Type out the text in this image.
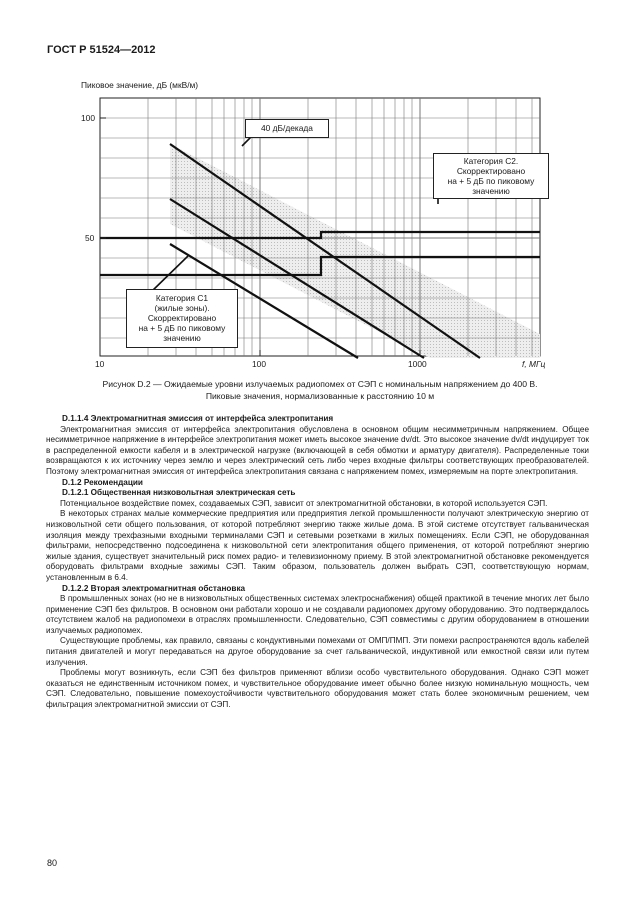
ГОСТ Р 51524—2012
Пиковое значение, дБ (мкВ/м)
100
50
10	100	1000	f, МГц
40 дБ/декада
Категория С2.
Скорректировано
на + 5 дБ по пиковому
значению
Категория С1
(жилые зоны).
Скорректировано
на + 5 дБ по пиковому
значению
Рисунок D.2 — Ожидаемые уровни излучаемых радиопомех от СЭП с номинальным напряжением до 400 В.
Пиковые значения, нормализованные к расстоянию 10 м
D.1.1.4 Электромагнитная эмиссия от интерфейса электропитания

Электромагнитная эмиссия от интерфейса электропитания обусловлена в основном общим несимметричным напряжением. Общее несимметричное напряжение в интерфейсе электропитания может иметь высокое значение dv/dt. Это высокое значение dv/dt индуцирует ток в распределенной емкости кабеля и в электрической нагрузке (включающей в себя обмотки и арматуру двигателя). Распределенные токи возвращаются к их источнику через землю и через электрический сеть либо через входные фильтры соответствующих преобразователей. Поэтому электромагнитная эмиссия от интерфейса электропитания связана с напряжением помех, измеряемым на порте электропитания.

D.1.2 Рекомендации
D.1.2.1 Общественная низковольтная электрическая сеть

Потенциальное воздействие помех, создаваемых СЭП, зависит от электромагнитной обстановки, в которой используется СЭП.

В некоторых странах малые коммерческие предприятия или предприятия легкой промышленности получают электрическую энергию от низковольтной сети общего пользования, от которой потребляют энергию также жилые дома. В этой системе отсутствует гальваническая изоляция между трехфазными входными терминалами СЭП и сетевыми розетками в жилых помещениях. Если СЭП, не оборудованная фильтрами, непосредственно подсоединена к низковольтной сети электропитания общего применения, от которой потребляют энергию жилые здания, существует значительный риск помех радио- и телевизионному приему. В этой электромагнитной обстановке рекомендуется оборудовать фильтрами входные зажимы СЭП. Таким образом, пользователь должен выбрать СЭП, соответствующую нормам, установленным в 6.4.

D.1.2.2 Вторая электромагнитная обстановка

В промышленных зонах (но не в низковольтных общественных системах электроснабжения) общей практикой в течение многих лет было применение СЭП без фильтров. В основном они работали хорошо и не создавали радиопомех другому оборудованию. Это подтверждалось отсутствием жалоб на радиопомехи в отраслях промышленности. Следовательно, СЭП совместимы с другим оборудованием в отношении излучаемых радиопомех.

Существующие проблемы, как правило, связаны с кондуктивными помехами от ОМП/ПМП. Эти помехи распространяются вдоль кабелей питания двигателей и могут передаваться на другое оборудование за счет гальванической, индуктивной или емкостной связи или путем излучения.

Проблемы могут возникнуть, если СЭП без фильтров применяют вблизи особо чувствительного оборудования. Однако СЭП может оказаться не единственным источником помех, и чувствительное оборудование имеет обычно более низкую номинальную мощность, чем СЭП. Следовательно, повышение помехоустойчивости чувствительного оборудования может стать более экономичным решением, чем фильтрация электромагнитной эмиссии от СЭП.

80
